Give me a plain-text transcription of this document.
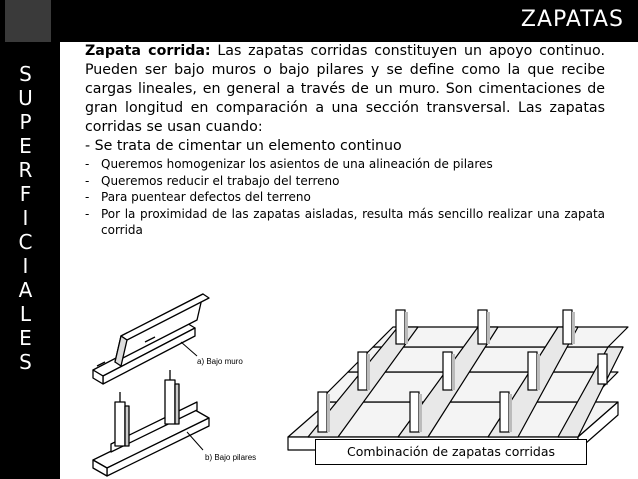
S
U
P
E
R
F
I
C
I
A
L
E
S
ZAPATAS

Zapata corrida: Las zapatas corridas constituyen un apoyo continuo. Pueden ser bajo muros o bajo pilares y se define como la que recibe cargas lineales, en general a través de un muro. Son cimentaciones de gran longitud en comparación a una sección transversal. Las zapatas corridas se usan cuando:

- Se trata de cimentar un elemento continuo

- Queremos homogenizar los asientos de una alineación de pilares
- Queremos reducir el trabajo del terreno
- Para puentear defectos del terreno
- Por la proximidad de las zapatas aisladas, resulta más sencillo realizar una zapata corrida
a) Bajo muro
b) Bajo pilares	Combinación de zapatas corridas
